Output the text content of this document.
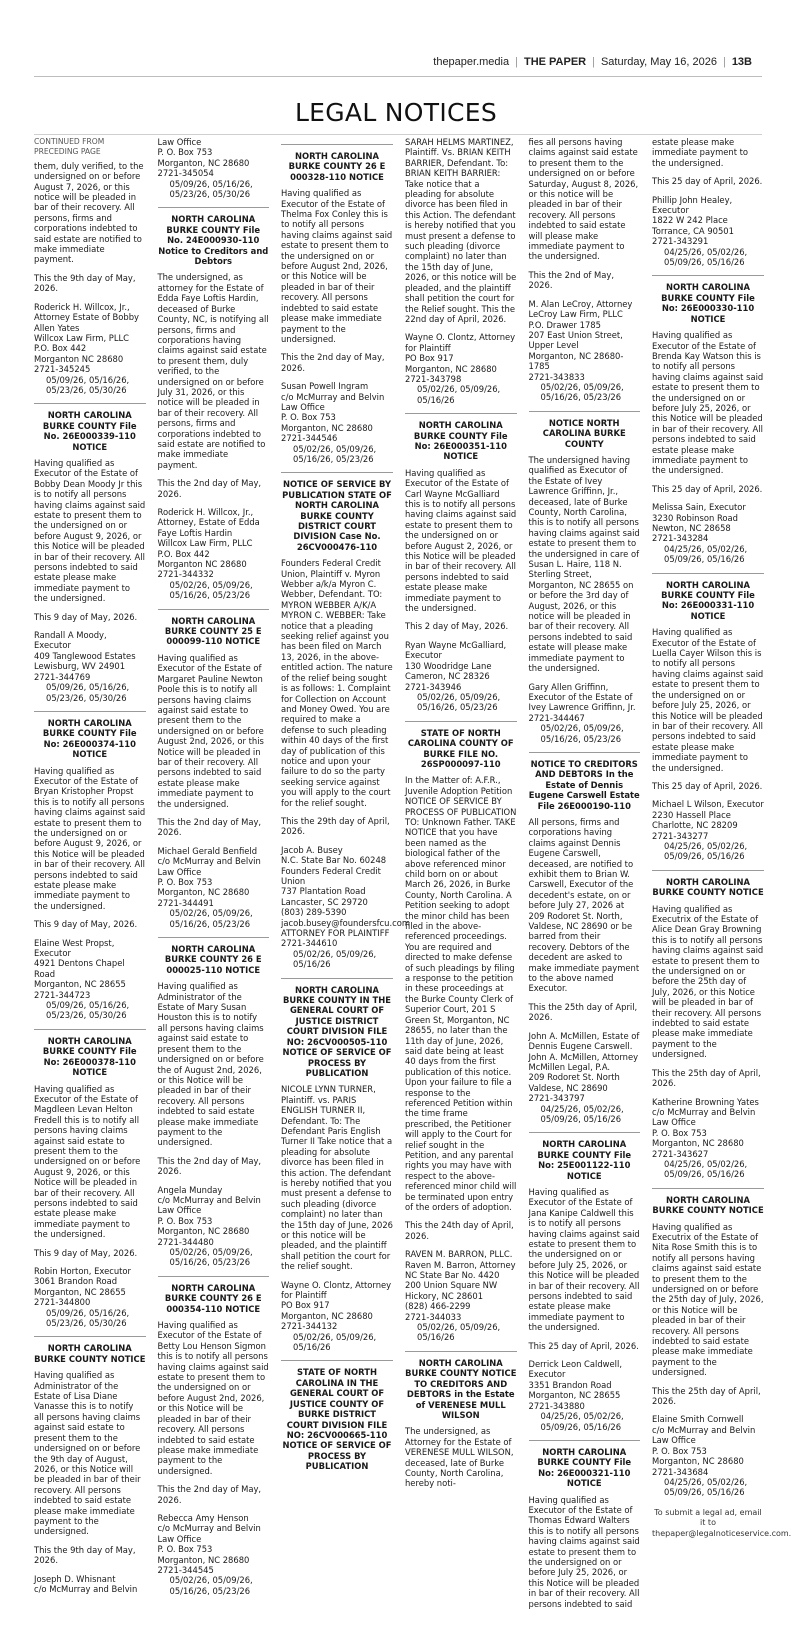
thepaper.media | THE PAPER | Saturday, May 16, 2026 | 13B
LEGAL NOTICES
CONTINUED FROM PRECEDING PAGE

them, duly verified, to the undersigned on or before August 7, 2026, or this notice will be pleaded in bar of their recovery. All persons, firms and corporations indebted to said estate are notified to make immediate payment.

This the 9th day of May, 2026.

Roderick H. Willcox, Jr., Attorney Estate of Bobby Allen Yates
Willcox Law Firm, PLLC
P.O. Box 442
Morganton NC 28680
2721-345245
05/09/26, 05/16/26,
05/23/26, 05/30/26
NORTH CAROLINA BURKE COUNTY File No. 26E000339-110 NOTICE

Having qualified as Executor of the Estate of Bobby Dean Moody Jr this is to notify all persons having claims against said estate to present them to the undersigned on or before August 9, 2026, or this Notice will be pleaded in bar of their recovery. All persons indebted to said estate please make immediate payment to the undersigned.

This 9 day of May, 2026.

Randall A Moody, Executor
409 Tanglewood Estates
Lewisburg, WV 24901
2721-344769
05/09/26, 05/16/26,
05/23/26, 05/30/26
NORTH CAROLINA BURKE COUNTY File No: 26E000374-110 NOTICE

Having qualified as Executor of the Estate of Bryan Kristopher Propst this is to notify all persons having claims against said estate to present them to the undersigned on or before August 9, 2026, or this Notice will be pleaded in bar of their recovery. All persons indebted to said estate please make immediate payment to the undersigned.

This 9 day of May, 2026.

Elaine West Propst, Executor
4921 Dentons Chapel Road
Morganton, NC 28655
2721-344723
05/09/26, 05/16/26,
05/23/26, 05/30/26
NORTH CAROLINA BURKE COUNTY File No: 26E000378-110 NOTICE

Having qualified as Executor of the Estate of Magdleen Levan Helton Fredell this is to notify all persons having claims against said estate to present them to the undersigned on or before August 9, 2026, or this Notice will be pleaded in bar of their recovery. All persons indebted to said estate please make immediate payment to the undersigned.

This 9 day of May, 2026.

Robin Horton, Executor
3061 Brandon Road
Morganton, NC 28655
2721-344800
05/09/26, 05/16/26,
05/23/26, 05/30/26
NORTH CAROLINA BURKE COUNTY NOTICE

Having qualified as Administrator of the Estate of Lisa Diane Vanasse this is to notify all persons having claims against said estate to present them to the undersigned on or before the 9th day of August, 2026, or this Notice will be pleaded in bar of their recovery. All persons indebted to said estate please make immediate payment to the undersigned.

This the 9th day of May, 2026.

Joseph D. Whisnant
c/o McMurray and Belvin
Law Office
P. O. Box 753
Morganton, NC 28680
2721-345054
05/09/26, 05/16/26,
05/23/26, 05/30/26
NORTH CAROLINA BURKE COUNTY File No. 24E000930-110 Notice to Creditors and Debtors

The undersigned, as attorney for the Estate of Edda Faye Loftis Hardin, deceased of Burke County, NC, is notifying all persons, firms and corporations having claims against said estate to present them, duly verified, to the undersigned on or before July 31, 2026, or this notice will be pleaded in bar of their recovery. All persons, firms and corporations indebted to said estate are notified to make immediate payment.

This the 2nd day of May, 2026.

Roderick H. Willcox, Jr., Attorney, Estate of Edda Faye Loftis Hardin
Willcox Law Firm, PLLC
P.O. Box 442
Morganton NC 28680
2721-344332
05/02/26, 05/09/26,
05/16/26, 05/23/26
NORTH CAROLINA BURKE COUNTY 25 E 000099-110 NOTICE

Having qualified as Executor of the Estate of Margaret Pauline Newton Poole this is to notify all persons having claims against said estate to present them to the undersigned on or before August 2nd, 2026, or this Notice will be pleaded in bar of their recovery. All persons indebted to said estate please make immediate payment to the undersigned.

This the 2nd day of May, 2026.

Michael Gerald Benfield
c/o McMurray and Belvin Law Office
P. O. Box 753
Morganton, NC 28680
2721-344491
05/02/26, 05/09/26,
05/16/26, 05/23/26
NORTH CAROLINA BURKE COUNTY 26 E 000025-110 NOTICE

Having qualified as Administrator of the Estate of Mary Susan Houston this is to notify all persons having claims against said estate to present them to the undersigned on or before the of August 2nd, 2026, or this Notice will be pleaded in bar of their recovery. All persons indebted to said estate please make immediate payment to the undersigned.

This the 2nd day of May, 2026.

Angela Munday
c/o McMurray and Belvin Law Office
P. O. Box 753
Morganton, NC 28680
2721-344480
05/02/26, 05/09/26,
05/16/26, 05/23/26
NORTH CAROLINA BURKE COUNTY 26 E 000354-110 NOTICE

Having qualified as Executor of the Estate of Betty Lou Henson Sigmon this is to notify all persons having claims against said estate to present them to the undersigned on or before August 2nd, 2026, or this Notice will be pleaded in bar of their recovery. All persons indebted to said estate please make immediate payment to the undersigned.

This the 2nd day of May, 2026.

Rebecca Amy Henson
c/o McMurray and Belvin Law Office
P. O. Box 753
Morganton, NC 28680
2721-344545
05/02/26, 05/09/26,
05/16/26, 05/23/26
NORTH CAROLINA BURKE COUNTY 26 E 000328-110 NOTICE

Having qualified as Executor of the Estate of Thelma Fox Conley this is to notify all persons having claims against said estate to present them to the undersigned on or before August 2nd, 2026, or this Notice will be pleaded in bar of their recovery. All persons indebted to said estate please make immediate payment to the undersigned.

This the 2nd day of May, 2026.

Susan Powell Ingram
c/o McMurray and Belvin Law Office
P. O. Box 753
Morganton, NC 28680
2721-344546
05/02/26, 05/09/26,
05/16/26, 05/23/26
NOTICE OF SERVICE BY PUBLICATION STATE OF NORTH CAROLINA BURKE COUNTY DISTRICT COURT DIVISION Case No. 26CV000476-110

Founders Federal Credit Union, Plaintiff v. Myron Webber a/k/a Myron C. Webber, Defendant. TO: MYRON WEBBER A/K/A MYRON C. WEBBER: Take notice that a pleading seeking relief against you has been filed on March 13, 2026, in the above-entitled action. The nature of the relief being sought is as follows: 1. Complaint for Collection on Account and Money Owed. You are required to make a defense to such pleading within 40 days of the first day of publication of this notice and upon your failure to do so the party seeking service against you will apply to the court for the relief sought.

This the 29th day of April, 2026.

Jacob A. Busey
N.C. State Bar No. 60248
Founders Federal Credit Union
737 Plantation Road
Lancaster, SC 29720
(803) 289-5390
jacob.busey@foundersfcu.com
ATTORNEY FOR PLAINTIFF
2721-344610
05/02/26, 05/09/26,
05/16/26
NORTH CAROLINA BURKE COUNTY IN THE GENERAL COURT OF JUSTICE DISTRICT COURT DIVISION FILE NO: 26CV000505-110 NOTICE OF SERVICE OF PROCESS BY PUBLICATION

NICOLE LYNN TURNER, Plaintiff. vs. PARIS ENGLISH TURNER II, Defendant. To: The Defendant Paris English Turner II Take notice that a pleading for absolute divorce has been filed in this action. The defendant is hereby notified that you must present a defense to such pleading (divorce complaint) no later than the 15th day of June, 2026 or this notice will be pleaded, and the plaintiff shall petition the court for the relief sought.

Wayne O. Clontz, Attorney for Plaintiff
PO Box 917
Morganton, NC 28680
2721-344132
05/02/26, 05/09/26,
05/16/26
STATE OF NORTH CAROLINA IN THE GENERAL COURT OF JUSTICE COUNTY OF BURKE DISTRICT COURT DIVISION FILE NO: 26CV000665-110 NOTICE OF SERVICE OF PROCESS BY PUBLICATION

SARAH HELMS MARTINEZ, Plaintiff. Vs. BRIAN KEITH BARRIER, Defendant. To: BRIAN KEITH BARRIER: Take notice that a pleading for absolute divorce has been filed in this Action. The defendant is hereby notified that you must present a defense to such pleading (divorce complaint) no later than the 15th day of June, 2026, or this notice will be pleaded, and the plaintiff shall petition the court for the Relief sought. This the 22nd day of April, 2026.

Wayne O. Clontz, Attorney for Plaintiff
PO Box 917
Morganton, NC 28680
2721-343798
05/02/26, 05/09/26,
05/16/26
NORTH CAROLINA BURKE COUNTY File No: 26E000351-110 NOTICE

Having qualified as Executor of the Estate of Carl Wayne McGalliard this is to notify all persons having claims against said estate to present them to the undersigned on or before August 2, 2026, or this Notice will be pleaded in bar of their recovery. All persons indebted to said estate please make immediate payment to the undersigned.

This 2 day of May, 2026.

Ryan Wayne McGalliard, Executor
130 Woodridge Lane
Cameron, NC 28326
2721-343946
05/02/26, 05/09/26,
05/16/26, 05/23/26
STATE OF NORTH CAROLINA COUNTY OF BURKE FILE NO. 26SP000097-110

In the Matter of: A.F.R., Juvenile Adoption Petition NOTICE OF SERVICE BY PROCESS OF PUBLICATION TO: Unknown Father. TAKE NOTICE that you have been named as the biological father of the above referenced minor child born on or about March 26, 2026, in Burke County, North Carolina. A Petition seeking to adopt the minor child has been filed in the above-referenced proceedings. You are required and directed to make defense of such pleadings by filing a response to the petition in these proceedings at the Burke County Clerk of Superior Court, 201 S Green St, Morganton, NC 28655, no later than the 11th day of June, 2026, said date being at least 40 days from the first publication of this notice. Upon your failure to file a response to the referenced Petition within the time frame prescribed, the Petitioner will apply to the Court for relief sought in the Petition, and any parental rights you may have with respect to the above-referenced minor child will be terminated upon entry of the orders of adoption.

This the 24th day of April, 2026.

RAVEN M. BARRON, PLLC.
Raven M. Barron, Attorney
NC State Bar No. 4420
200 Union Square NW
Hickory, NC 28601
(828) 466-2299
2721-344033
05/02/26, 05/09/26,
05/16/26
NORTH CAROLINA BURKE COUNTY NOTICE TO CREDITORS AND DEBTORS in the Estate of VERENESE MULL WILSON

The undersigned, as Attorney for the Estate of VERENESE MULL WILSON, deceased, late of Burke County, North Carolina, hereby noti-

fies all persons having claims against said estate to present them to the undersigned on or before Saturday, August 8, 2026, or this notice will be pleaded in bar of their recovery. All persons indebted to said estate will please make immediate payment to the undersigned.

This the 2nd of May, 2026.

M. Alan LeCroy, Attorney
LeCroy Law Firm, PLLC
P.O. Drawer 1785
207 East Union Street, Upper Level
Morganton, NC 28680-1785
2721-343833
05/02/26, 05/09/26,
05/16/26, 05/23/26
NOTICE NORTH CAROLINA BURKE COUNTY

The undersigned having qualified as Executor of the Estate of Ivey Lawrence Griffinn, Jr., deceased, late of Burke County, North Carolina, this is to notify all persons having claims against said estate to present them to the undersigned in care of Susan L. Haire, 118 N. Sterling Street, Morganton, NC 28655 on or before the 3rd day of August, 2026, or this notice will be pleaded in bar of their recovery. All persons indebted to said estate will please make immediate payment to the undersigned.

Gary Allen Griffinn, Executor of the Estate of Ivey Lawrence Griffinn, Jr.
2721-344467
05/02/26, 05/09/26,
05/16/26, 05/23/26
NOTICE TO CREDITORS AND DEBTORS In the Estate of Dennis Eugene Carswell Estate File 26E000190-110

All persons, firms and corporations having claims against Dennis Eugene Carswell, deceased, are notified to exhibit them to Brian W. Carswell, Executor of the decedent's estate, on or before July 27, 2026 at 209 Rodoret St. North, Valdese, NC 28690 or be barred from their recovery. Debtors of the decedent are asked to make immediate payment to the above named Executor.

This the 25th day of April, 2026.

John A. McMillen, Estate of Dennis Eugene Carswell.
John A. McMillen, Attorney
McMillen Legal, P.A.
209 Rodoret St. North
Valdese, NC 28690
2721-343797
04/25/26, 05/02/26,
05/09/26, 05/16/26
NORTH CAROLINA BURKE COUNTY File No: 25E001122-110 NOTICE

Having qualified as Executor of the Estate of Jana Kanipe Caldwell this is to notify all persons having claims against said estate to present them to the undersigned on or before July 25, 2026, or this Notice will be pleaded in bar of their recovery. All persons indebted to said estate please make immediate payment to the undersigned.

This 25 day of April, 2026.

Derrick Leon Caldwell, Executor
3351 Brandon Road
Morganton, NC 28655
2721-343880
04/25/26, 05/02/26,
05/09/26, 05/16/26
NORTH CAROLINA BURKE COUNTY File No: 26E000321-110 NOTICE

Having qualified as Executor of the Estate of Thomas Edward Walters this is to notify all persons having claims against said estate to present them to the undersigned on or before July 25, 2026, or this Notice will be pleaded in bar of their recovery. All persons indebted to said

estate please make immediate payment to the undersigned.

This 25 day of April, 2026.

Phillip John Healey, Executor
1822 W 242 Place
Torrance, CA 90501
2721-343291
04/25/26, 05/02/26,
05/09/26, 05/16/26
NORTH CAROLINA BURKE COUNTY File No: 26E000330-110 NOTICE

Having qualified as Executor of the Estate of Brenda Kay Watson this is to notify all persons having claims against said estate to present them to the undersigned on or before July 25, 2026, or this Notice will be pleaded in bar of their recovery. All persons indebted to said estate please make immediate payment to the undersigned.

This 25 day of April, 2026.

Melissa Sain, Executor
3230 Robinson Road
Newton, NC 28658
2721-343284
04/25/26, 05/02/26,
05/09/26, 05/16/26
NORTH CAROLINA BURKE COUNTY File No: 26E000331-110 NOTICE

Having qualified as Executor of the Estate of Luella Cayer Wilson this is to notify all persons having claims against said estate to present them to the undersigned on or before July 25, 2026, or this Notice will be pleaded in bar of their recovery. All persons indebted to said estate please make immediate payment to the undersigned.

This 25 day of April, 2026.

Michael L Wilson, Executor
2230 Hassell Place
Charlotte, NC 28209
2721-343277
04/25/26, 05/02/26,
05/09/26, 05/16/26
NORTH CAROLINA BURKE COUNTY NOTICE

Having qualified as Executrix of the Estate of Alice Dean Gray Browning this is to notify all persons having claims against said estate to present them to the undersigned on or before the 25th day of July, 2026, or this Notice will be pleaded in bar of their recovery. All persons indebted to said estate please make immediate payment to the undersigned.

This the 25th day of April, 2026.

Katherine Browning Yates
c/o McMurray and Belvin Law Office
P. O. Box 753
Morganton, NC 28680
2721-343627
04/25/26, 05/02/26,
05/09/26, 05/16/26
NORTH CAROLINA BURKE COUNTY NOTICE

Having qualified as Executrix of the Estate of Nita Rose Smith this is to notify all persons having claims against said estate to present them to the undersigned on or before the 25th day of July, 2026, or this Notice will be pleaded in bar of their recovery. All persons indebted to said estate please make immediate payment to the undersigned.

This the 25th day of April, 2026.

Elaine Smith Cornwell
c/o McMurray and Belvin Law Office
P. O. Box 753
Morganton, NC 28680
2721-343684
04/25/26, 05/02/26,
05/09/26, 05/16/26
To submit a legal ad, email it to thepaper@legalnoticeservice.com.
